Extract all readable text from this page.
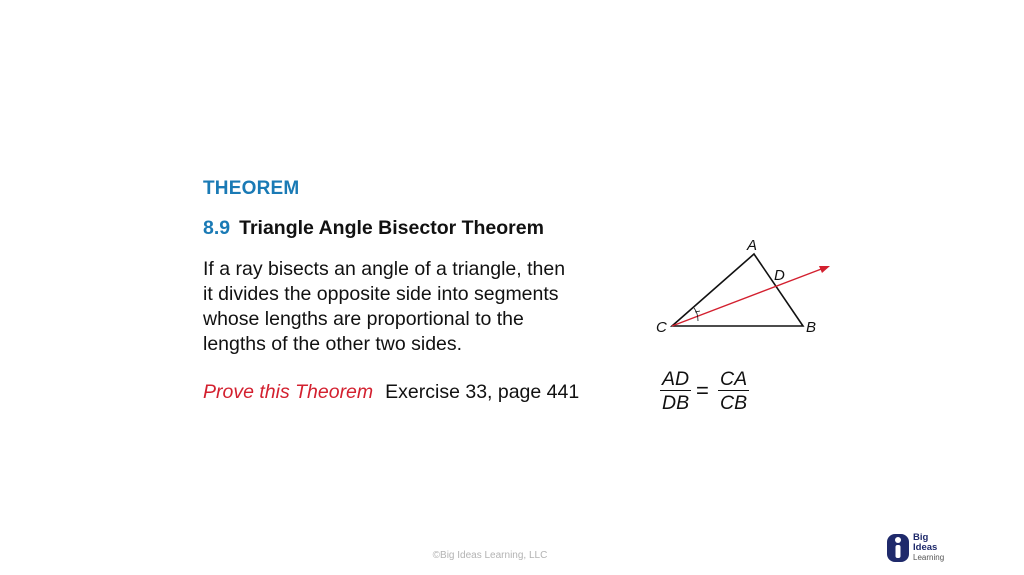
THEOREM
8.9 Triangle Angle Bisector Theorem
If a ray bisects an angle of a triangle, then
it divides the opposite side into segments
whose lengths are proportional to the
lengths of the other two sides.
Prove this Theorem Exercise 33, page 441
A
D
C	B
$\frac{AD}{DB} = \frac{CA}{CB}$
©Big Ideas Learning, LLC
Big
Ideas
Learning
